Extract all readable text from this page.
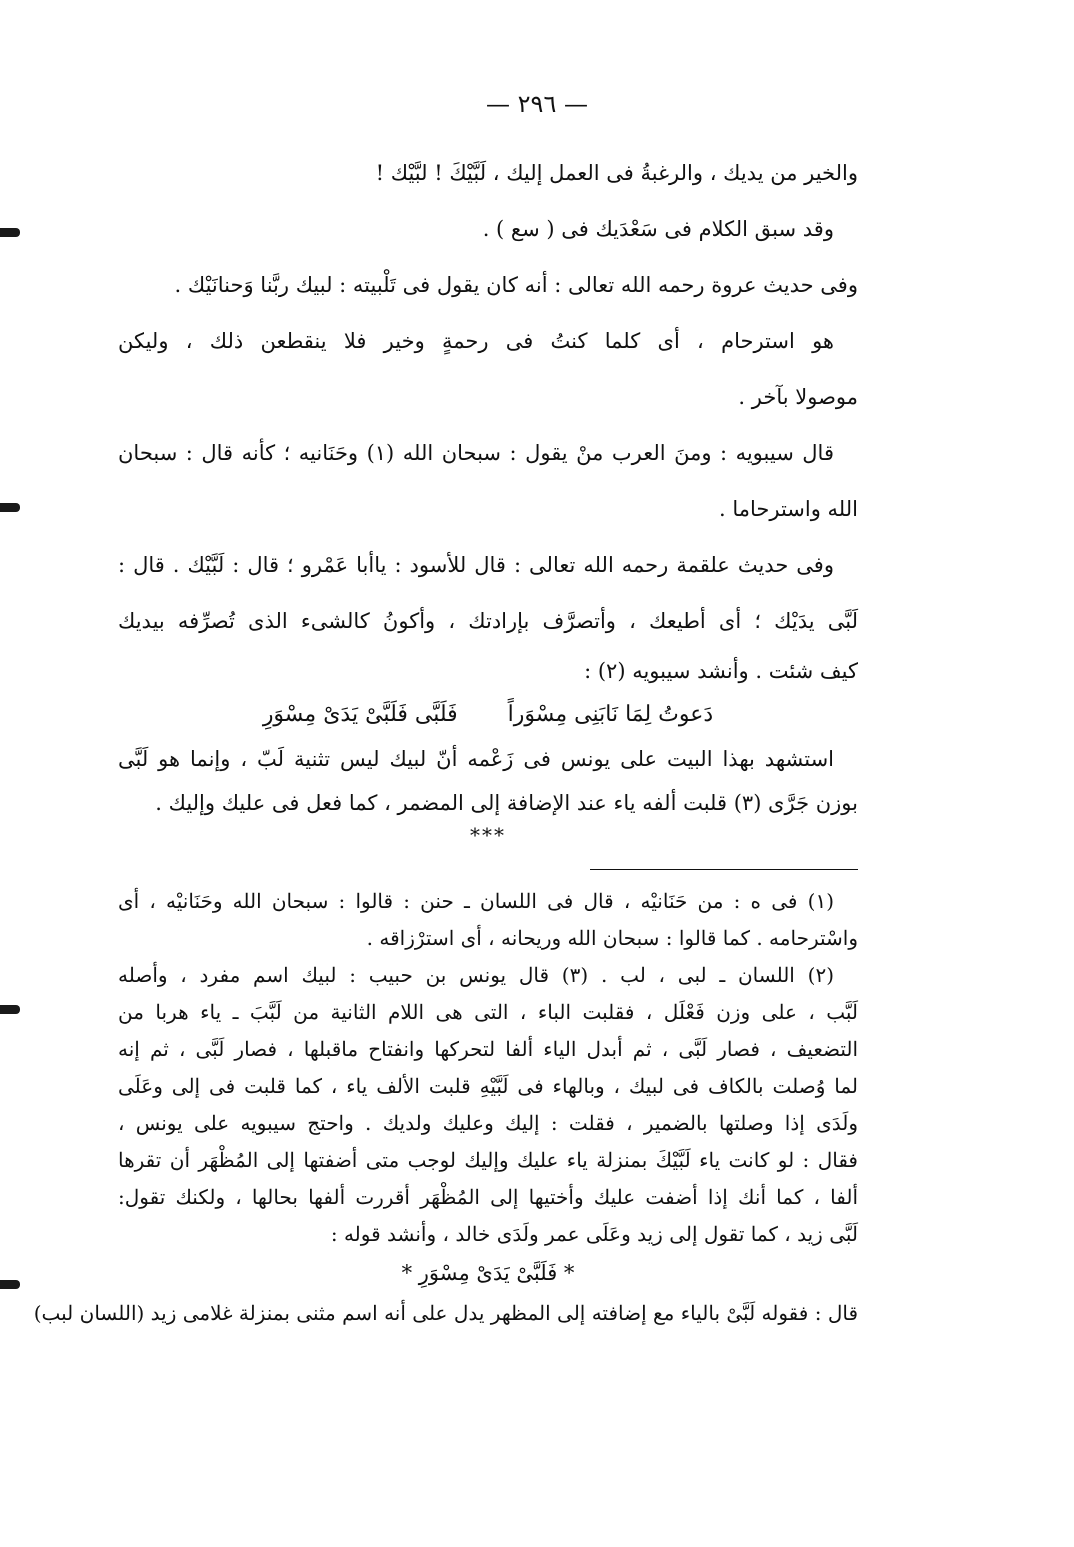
— ٢٩٦ —
والخير من يديك ، والرغبةُ فى العمل إليك ، لَبَّيْكَ ! لبَّيْك !
وقد سبق الكلام فى سَعْدَيك فى ( سع ) .
وفى حديث عروة رحمه الله تعالى : أنه كان يقول فى تَلْبيته : لبيك ربَّنا وَحنانَيْك .
هو استرحام ، أى كلما كنتُ فى رحمةٍ وخير فلا ينقطعن ذلك ، وليكن
موصولا بآخر .
قال سيبويه : ومنَ العرب منْ يقول : سبحان الله (١) وحَنَانيه ؛ كأنه قال : سبحان
الله واسترحاما .
وفى حديث علقمة رحمه الله تعالى : قال للأسود : ياأبا عَمْرو ؛ قال : لَبَّيْك . قال :
لَبَّى يدَيْك ؛ أى أطيعك ، وأتصرَّف بإرادتك ، وأكونُ كالشىء الذى تُصرِّفه بيديك
كيف شئت . وأنشد سيبويه (٢) :
دَعوتُ لِمَا نَابَنِى مِسْوَراًفَلَبَّى فَلَبَّىْ يَدَىْ مِسْوَرِ
استشهد بهذا البيت على يونس فى زَعْمه أنّ لبيك ليس تثنية لَبّ ، وإنما هو لَبَّى
بوزن جَرَّى (٣) قلبت ألفه ياء عند الإضافة إلى المضمر ، كما فعل فى عليك وإليك .
***
(١) فى ه : من حَنَانيْه ، قال فى اللسان ـ حنن : قالوا : سبحان الله وحَنَانيْه ، أى
واسْترحامه . كما قالوا : سبحان الله وريحانه ، أى استرْزاقه .
(٢) اللسان ـ لبى ، لب . (٣) قال يونس بن حبيب : لبيك اسم مفرد ، وأصله
لَبَّب ، على وزن فَعْلَل ، فقلبت الباء ، التى هى اللام الثانية من لَبَّبَ ـ ياء هربا من
التضعيف ، فصار لَبَّى ، ثم أبدل الياء ألفا لتحركها وانفتاح ماقبلها ، فصار لَبَّى ، ثم إنه
لما وُصلت بالكاف فى لبيك ، وبالهاء فى لَبَّيْهِ قلبت الألف ياء ، كما قلبت فى إلى وعَلَى
ولَدَى إذا وصلتها بالضمير ، فقلت : إليك وعليك ولديك . واحتج سيبويه على يونس ،
فقال : لو كانت ياء لَبَّيْكَ بمنزلة ياء عليك وإليك لوجب متى أضفتها إلى المُظْهَر أن تقرها
ألفا ، كما أنك إذا أضفت عليك وأختيها إلى المُظْهَر أقررت ألفها بحالها ، ولكنك تقول:
لَبَّى زيد ، كما تقول إلى زيد وعَلَى عمر ولَدَى خالد ، وأنشد قوله :
* فَلَبَّىْ يَدَىْ مِسْوَرِ *
قال : فقوله لَبَّىْ بالياء مع إضافته إلى المظهر يدل على أنه اسم مثنى بمنزلة غلامى زيد (اللسان لبب)
